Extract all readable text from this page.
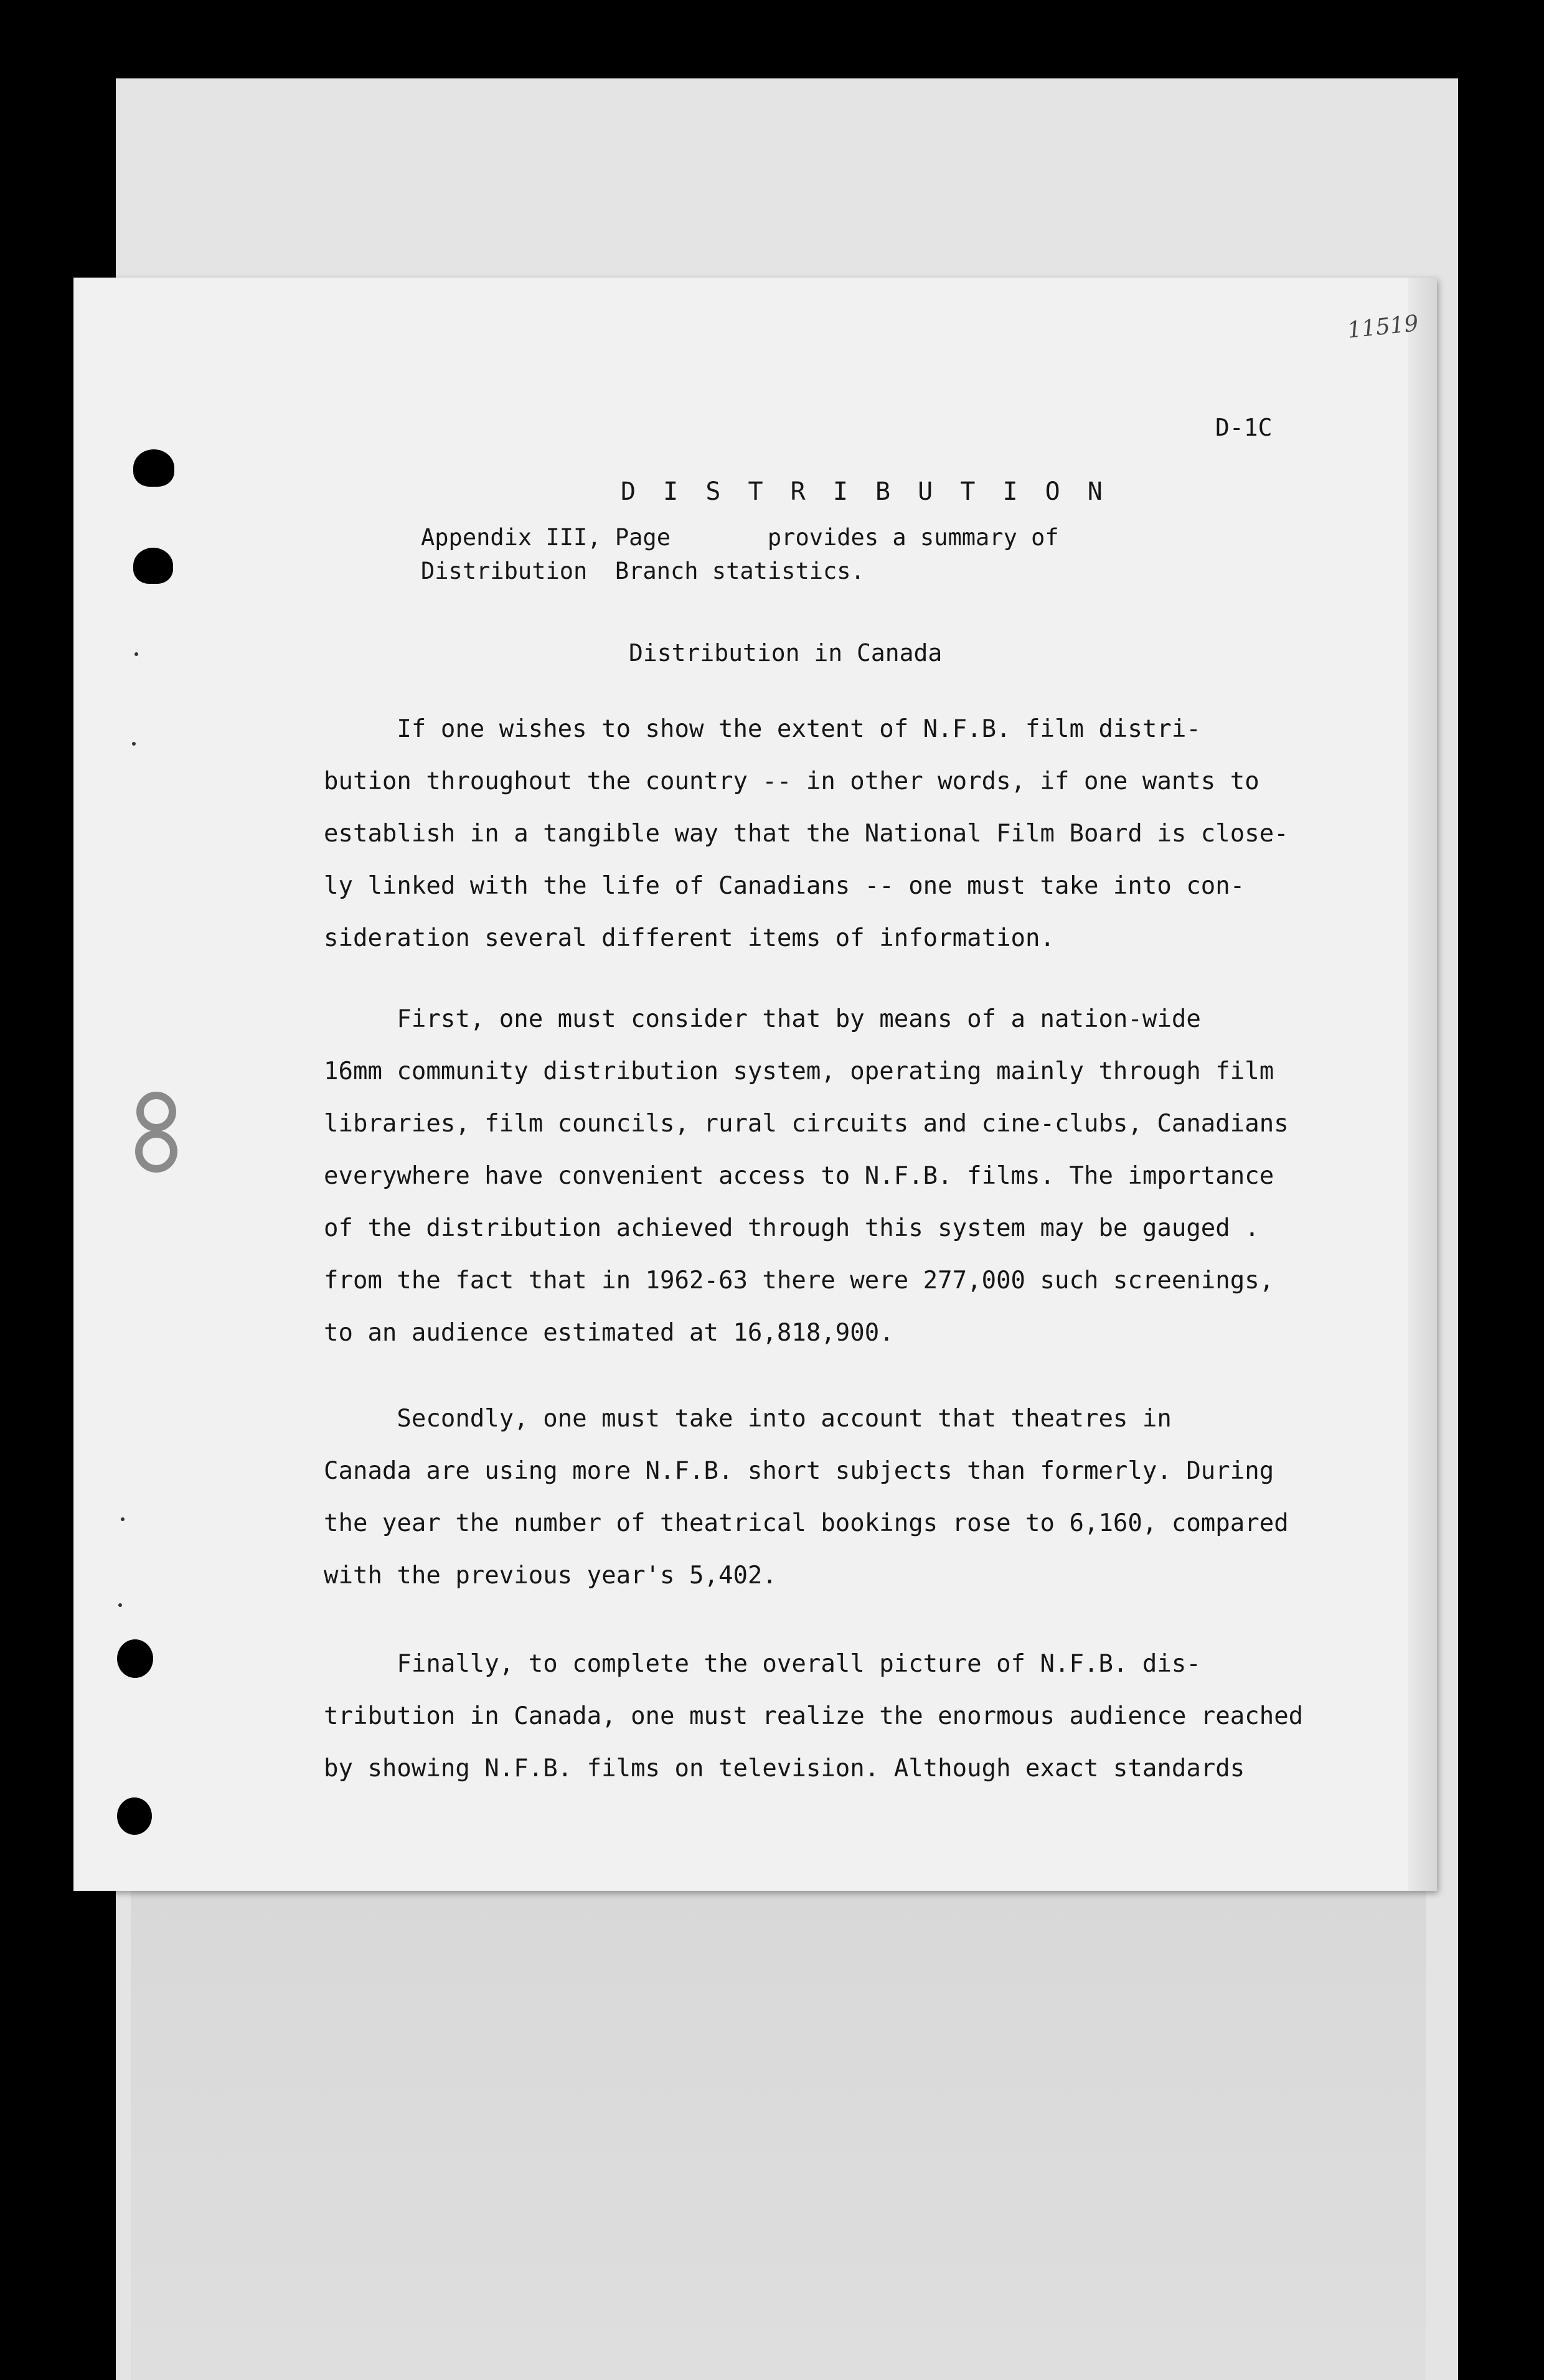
11519
D-1C
D I S T R I B U T I O N
Appendix III, Page       provides a summary of
Distribution  Branch statistics.
Distribution in Canada
If one wishes to show the extent of N.F.B. film distri-
bution throughout the country -- in other words, if one wants to
establish in a tangible way that the National Film Board is close-
ly linked with the life of Canadians -- one must take into con-
sideration several different items of information.
First, one must consider that by means of a nation-wide
16mm community distribution system, operating mainly through film
libraries, film councils, rural circuits and cine-clubs, Canadians
everywhere have convenient access to N.F.B. films. The importance
of the distribution achieved through this system may be gauged .
from the fact that in 1962-63 there were 277,000 such screenings,
to an audience estimated at 16,818,900.
Secondly, one must take into account that theatres in
Canada are using more N.F.B. short subjects than formerly. During
the year the number of theatrical bookings rose to 6,160, compared
with the previous year's 5,402.
Finally, to complete the overall picture of N.F.B. dis-
tribution in Canada, one must realize the enormous audience reached
by showing N.F.B. films on television. Although exact standards
